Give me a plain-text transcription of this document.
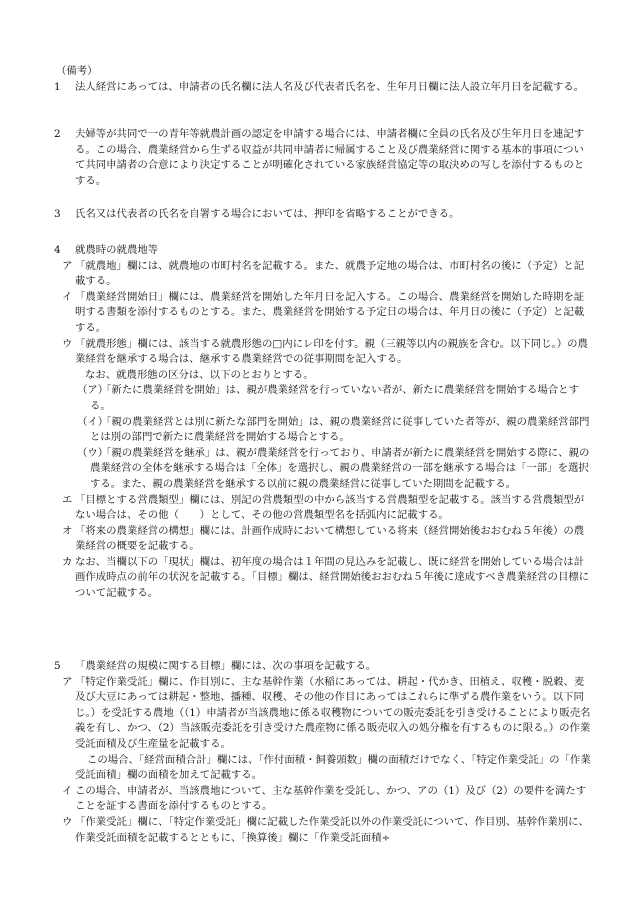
（備考）

1 法人経営にあっては、申請者の氏名欄に法人名及び代表者氏名を、生年月日欄に法人設立年月日を記載する。

2 夫婦等が共同で一の青年等就農計画の認定を申請する場合には、申請者欄に全員の氏名及び生年月日を連記する。この場合、農業経営から生ずる収益が共同申請者に帰属すること及び農業経営に関する基本的事項について共同申請者の合意により決定することが明確化されている家族経営協定等の取決めの写しを添付するものとする。

3 氏名又は代表者の氏名を自署する場合においては、押印を省略することができる。

4 就農時の就農地等

ア 「就農地」欄には、就農地の市町村名を記載する。また、就農予定地の場合は、市町村名の後に（予定）と記載する。

イ 「農業経営開始日」欄には、農業経営を開始した年月日を記入する。この場合、農業経営を開始した時期を証明する書類を添付するものとする。また、農業経営を開始する予定日の場合は、年月日の後に（予定）と記載する。

ウ 「就農形態」欄には、該当する就農形態の□内にレ印を付す。親（三親等以内の親族を含む。以下同じ。）の農業経営を継承する場合は、継承する農業経営での従事期間を記入する。

なお、就農形態の区分は、以下のとおりとする。

（ア）「新たに農業経営を開始」は、親が農業経営を行っていない者が、新たに農業経営を開始する場合とする。

（イ）「親の農業経営とは別に新たな部門を開始」は、親の農業経営に従事していた者等が、親の農業経営部門とは別の部門で新たに農業経営を開始する場合とする。

（ウ）「親の農業経営を継承」は、親が農業経営を行っており、申請者が新たに農業経営を開始する際に、親の農業経営の全体を継承する場合は「全体」を選択し、親の農業経営の一部を継承する場合は「一部」を選択する。また、親の農業経営を継承する以前に親の農業経営に従事していた期間を記載する。

エ 「目標とする営農類型」欄には、別記の営農類型の中から該当する営農類型を記載する。該当する営農類型がない場合は、その他（　　）として、その他の営農類型名を括弧内に記載する。

オ 「将来の農業経営の構想」欄には、計画作成時において構想している将来（経営開始後おおむね５年後）の農業経営の概要を記載する。

カ なお、当欄以下の「現状」欄は、初年度の場合は１年間の見込みを記載し、既に経営を開始している場合は計画作成時点の前年の状況を記載する。「目標」欄は、経営開始後おおむね５年後に達成すべき農業経営の目標について記載する。

5 「農業経営の規模に関する目標」欄には、次の事項を記載する。

ア 「特定作業受託」欄に、作目別に、主な基幹作業（水稲にあっては、耕起・代かき、田植え、収穫・脱穀、麦及び大豆にあっては耕起・整地、播種、収穫、その他の作目にあってはこれらに準ずる農作業をいう。以下同じ。）を受託する農地（（1）申請者が当該農地に係る収穫物についての販売委託を引き受けることにより販売名義を有し、かつ、（2）当該販売委託を引き受けた農産物に係る販売収入の処分権を有するものに限る。）の作業受託面積及び生産量を記載する。

この場合、「経営面積合計」欄には、「作付面積・飼養頭数」欄の面積だけでなく、「特定作業受託」の「作業受託面積」欄の面積を加えて記載する。

イ この場合、申請者が、当該農地について、主な基幹作業を受託し、かつ、アの（1）及び（2）の要件を満たすことを証する書面を添付するものとする。

ウ 「作業受託」欄に、「特定作業受託」欄に記載した作業受託以外の作業受託について、作目別、基幹作業別に、作業受託面積を記載するとともに、「換算後」欄に「作業受託面積÷
